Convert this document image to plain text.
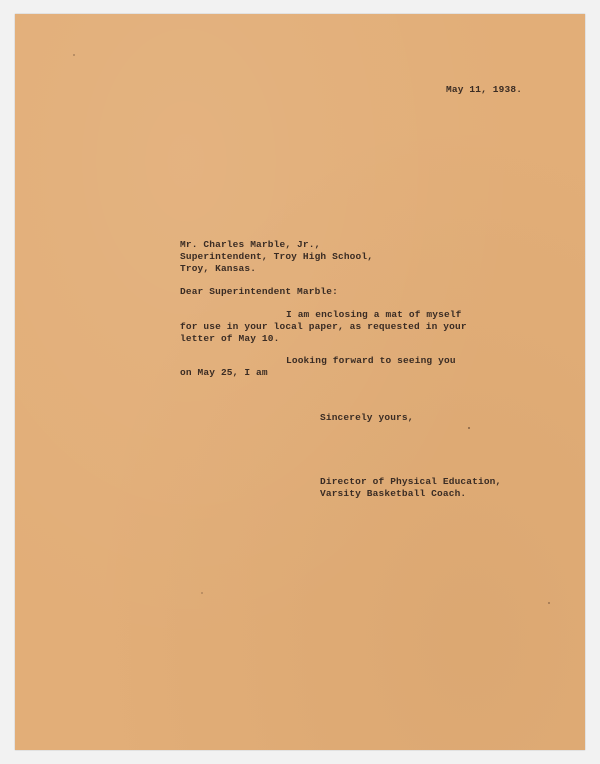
May 11, 1938.

Mr. Charles Marble, Jr.,

Superintendent, Troy High School,

Troy, Kansas.

Dear Superintendent Marble:

I am enclosing a mat of myself

for use in your local paper, as requested in your

letter of May 10.

Looking forward to seeing you

on May 25, I am

Sincerely yours,

Director of Physical Education,

Varsity Basketball Coach.
